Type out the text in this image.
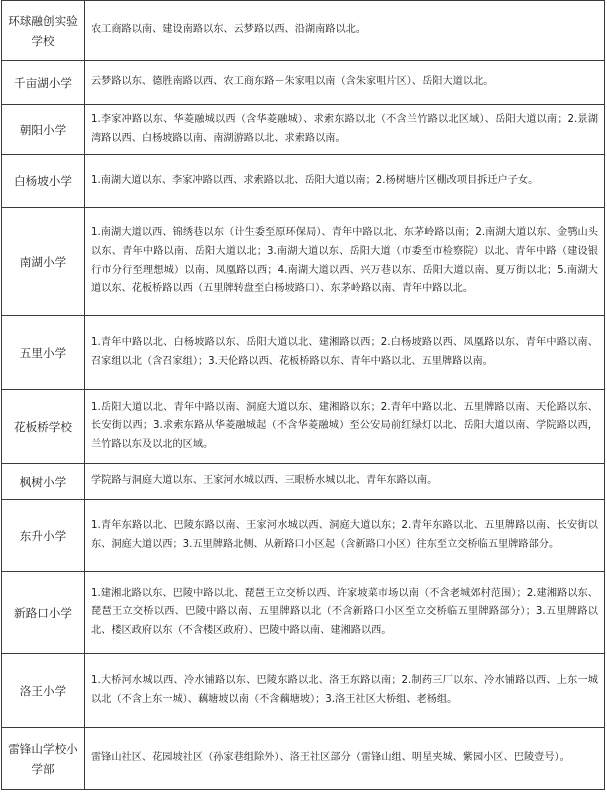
环球融创实验学校	农工商路以南、建设南路以东、云梦路以西、沿湖南路以北。
千亩湖小学	云梦路以东、德胜南路以西、农工商东路－朱家咀以南（含朱家咀片区）、岳阳大道以北。
朝阳小学	1.李家冲路以东、华菱融城以西（含华菱融城）、求索东路以北（不含兰竹路以北区域）、岳阳大道以南；2.景湖湾路以西、白杨坡路以南、南湖游路以北、求索路以南。
白杨坡小学	1.南湖大道以东、李家冲路以西、求索路以北、岳阳大道以南；2.杨树塘片区棚改项目拆迁户子女。
南湖小学	1.南湖大道以西、锦绣巷以东（计生委至原环保局）、青年中路以北、东茅岭路以南；2.南湖大道以东、金鹗山头以东、青年中路以南、岳阳大道以北；3.南湖大道以东、岳阳大道（市委至市检察院）以北、青年中路（建设银行市分行至理想城）以南、凤凰路以西；4.南湖大道以西、兴万巷以东、岳阳大道以南、夏万街以北；5.南湖大道以东、花板桥路以西（五里牌转盘至白杨坡路口）、东茅岭路以南、青年中路以北。
五里小学	1.青年中路以北、白杨坡路以东、岳阳大道以北、建湘路以西；2.白杨坡路以西、凤凰路以东、青年中路以南、召家组以北（含召家组）；3.天伦路以西、花板桥路以东、青年中路以北、五里牌路以南。
花板桥学校	1.岳阳大道以北、青年中路以南、洞庭大道以东、建湘路以东；2.青年中路以北、五里牌路以南、天伦路以东、长安街以西；3.求索东路从华菱融城起（不含华菱融城）至公安局前红绿灯以北、岳阳大道以南、学院路以西，兰竹路以东及以北的区域。
枫树小学	学院路与洞庭大道以东、王家河水城以西、三眼桥水城以北、青年东路以南。
东升小学	1.青年东路以北、巴陵东路以南、王家河水城以西、洞庭大道以东；2.青年东路以北、五里牌路以南、长安街以东、洞庭大道以西；3.五里牌路北侧、从新路口小区起（含新路口小区）往东至立交桥临五里牌路部分。
新路口小学	1.建湘北路以东、巴陵中路以北、琵琶王立交桥以西、许家坡菜市场以南（不含老城郊村范围）；2.建湘路以东、琵琶王立交桥以西、巴陵中路以南、五里牌路以北（不含新路口小区至立交桥临五里牌路部分）；3.五里牌路以北、楼区政府以东（不含楼区政府）、巴陵中路以南、建湘路以西。
洛王小学	1.大桥河水城以西、冷水铺路以东、巴陵东路以北、洛王东路以南；2.制药三厂以东、冷水铺路以西、上东一城以北（不含上东一城）、藕塘坡以南（不含藕塘坡）；3.洛王社区大桥组、老杨组。
雷锋山学校小学部	雷锋山社区、花园坡社区（孙家巷组除外）、洛王社区部分（雷锋山组、明星夹城、紫园小区、巴陵壹号）。
